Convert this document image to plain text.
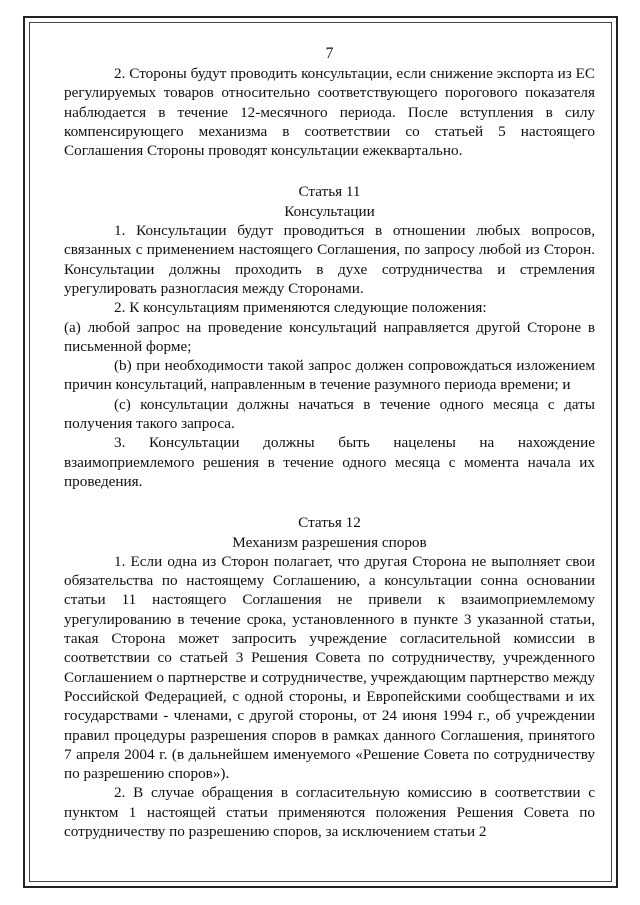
7

2. Стороны будут проводить консультации, если снижение экспорта из ЕС регулируемых товаров относительно соответствующего порогового показателя наблюдается в течение 12-месячного периода. После вступления в силу компенсирующего механизма в соответствии со статьей 5 настоящего Соглашения Стороны проводят консультации ежеквартально.

Статья 11
Консультации

1. Консультации будут проводиться в отношении любых вопросов, связанных с применением настоящего Соглашения, по запросу любой из Сторон. Консультации должны проходить в духе сотрудничества и стремления урегулировать разногласия между Сторонами.

2. К консультациям применяются следующие положения:

(a) любой запрос на проведение консультаций направляется другой Стороне в письменной форме;

(b) при необходимости такой запрос должен сопровождаться изложением причин консультаций, направленным в течение разумного периода времени; и

(c) консультации должны начаться в течение одного месяца с даты получения такого запроса.

3. Консультации должны быть нацелены на нахождение взаимоприемлемого решения в течение одного месяца с момента начала их проведения.

Статья 12
Механизм разрешения споров

1. Если одна из Сторон полагает, что другая Сторона не выполняет свои обязательства по настоящему Соглашению, а консультации сонна основании статьи 11 настоящего Соглашения не привели к взаимоприемлемому урегулированию в течение срока, установленного в пункте 3 указанной статьи, такая Сторона может запросить учреждение согласительной комиссии в соответствии со статьей 3 Решения Совета по сотрудничеству, учрежденного Соглашением о партнерстве и сотрудничестве, учреждающим партнерство между Российской Федерацией, с одной стороны, и Европейскими сообществами и их государствами - членами, с другой стороны, от 24 июня 1994 г., об учреждении правил процедуры разрешения споров в рамках данного Соглашения, принятого 7 апреля 2004 г. (в дальнейшем именуемого «Решение Совета по сотрудничеству по разрешению споров»).

2. В случае обращения в согласительную комиссию в соответствии с пунктом 1 настоящей статьи применяются положения Решения Совета по сотрудничеству по разрешению споров, за исключением статьи 2
